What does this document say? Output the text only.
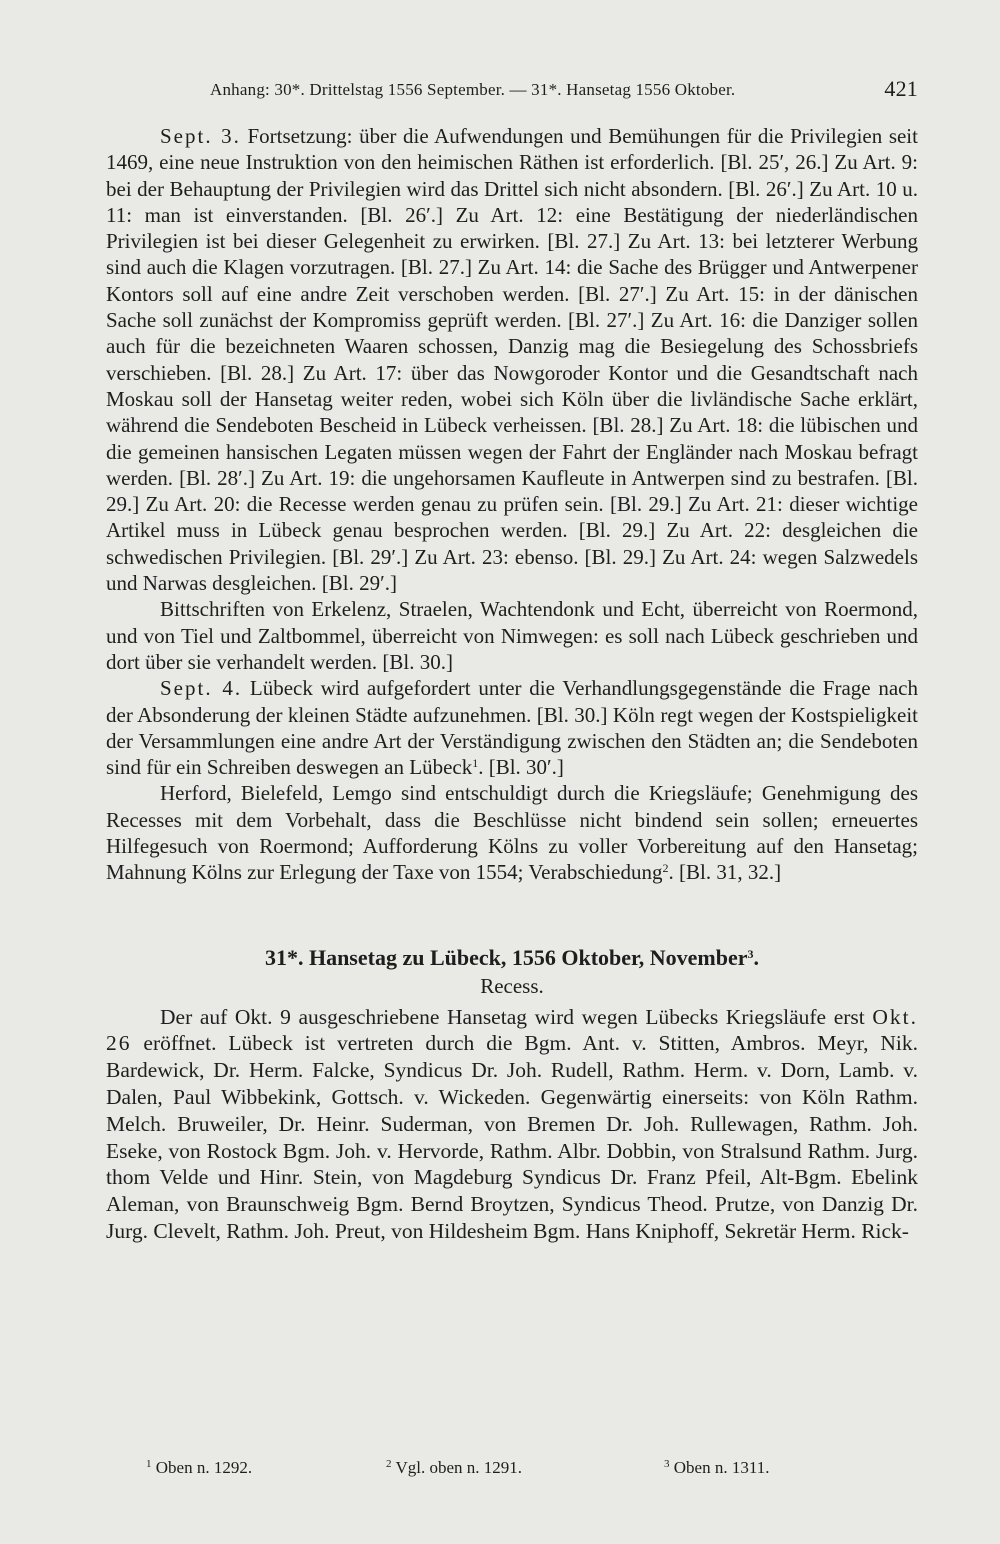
Anhang: 30*. Drittelstag 1556 September. — 31*. Hansetag 1556 Oktober.	421

Sept. 3. Fortsetzung: über die Aufwendungen und Bemühungen für die Privilegien seit 1469, eine neue Instruktion von den heimischen Räthen ist erforderlich. [Bl. 25′, 26.] Zu Art. 9: bei der Behauptung der Privilegien wird das Drittel sich nicht absondern. [Bl. 26′.] Zu Art. 10 u. 11: man ist einverstanden. [Bl. 26′.] Zu Art. 12: eine Bestätigung der niederländischen Privilegien ist bei dieser Gelegenheit zu erwirken. [Bl. 27.] Zu Art. 13: bei letzterer Werbung sind auch die Klagen vorzutragen. [Bl. 27.] Zu Art. 14: die Sache des Brügger und Antwerpener Kontors soll auf eine andre Zeit verschoben werden. [Bl. 27′.] Zu Art. 15: in der dänischen Sache soll zunächst der Kompromiss geprüft werden. [Bl. 27′.] Zu Art. 16: die Danziger sollen auch für die bezeichneten Waaren schossen, Danzig mag die Besiegelung des Schossbriefs verschieben. [Bl. 28.] Zu Art. 17: über das Nowgoroder Kontor und die Gesandtschaft nach Moskau soll der Hansetag weiter reden, wobei sich Köln über die livländische Sache erklärt, während die Sendeboten Bescheid in Lübeck verheissen. [Bl. 28.] Zu Art. 18: die lübischen und die gemeinen hansischen Legaten müssen wegen der Fahrt der Engländer nach Moskau befragt werden. [Bl. 28′.] Zu Art. 19: die ungehorsamen Kaufleute in Antwerpen sind zu bestrafen. [Bl. 29.] Zu Art. 20: die Recesse werden genau zu prüfen sein. [Bl. 29.] Zu Art. 21: dieser wichtige Artikel muss in Lübeck genau besprochen werden. [Bl. 29.] Zu Art. 22: desgleichen die schwedischen Privilegien. [Bl. 29′.] Zu Art. 23: ebenso. [Bl. 29.] Zu Art. 24: wegen Salzwedels und Narwas desgleichen. [Bl. 29′.]

Bittschriften von Erkelenz, Straelen, Wachtendonk und Echt, überreicht von Roermond, und von Tiel und Zaltbommel, überreicht von Nimwegen: es soll nach Lübeck geschrieben und dort über sie verhandelt werden. [Bl. 30.]

Sept. 4. Lübeck wird aufgefordert unter die Verhandlungsgegenstände die Frage nach der Absonderung der kleinen Städte aufzunehmen. [Bl. 30.] Köln regt wegen der Kostspieligkeit der Versammlungen eine andre Art der Verständigung zwischen den Städten an; die Sendeboten sind für ein Schreiben deswegen an Lübeck$^1$. [Bl. 30′.]

Herford, Bielefeld, Lemgo sind entschuldigt durch die Kriegsläufe; Genehmigung des Recesses mit dem Vorbehalt, dass die Beschlüsse nicht bindend sein sollen; erneuertes Hilfegesuch von Roermond; Aufforderung Kölns zu voller Vorbereitung auf den Hansetag; Mahnung Kölns zur Erlegung der Taxe von 1554; Verabschiedung$^2$. [Bl. 31, 32.]

31*. Hansetag zu Lübeck, 1556 Oktober, November$^3$.
Recess.

Der auf Okt. 9 ausgeschriebene Hansetag wird wegen Lübecks Kriegsläufe erst Okt. 26 eröffnet. Lübeck ist vertreten durch die Bgm. Ant. v. Stitten, Ambros. Meyr, Nik. Bardewick, Dr. Herm. Falcke, Syndicus Dr. Joh. Rudell, Rathm. Herm. v. Dorn, Lamb. v. Dalen, Paul Wibbekink, Gottsch. v. Wickeden. Gegenwärtig einerseits: von Köln Rathm. Melch. Bruweiler, Dr. Heinr. Suderman, von Bremen Dr. Joh. Rullewagen, Rathm. Joh. Eseke, von Rostock Bgm. Joh. v. Hervorde, Rathm. Albr. Dobbin, von Stralsund Rathm. Jurg. thom Velde und Hinr. Stein, von Magdeburg Syndicus Dr. Franz Pfeil, Alt-Bgm. Ebelink Aleman, von Braunschweig Bgm. Bernd Broytzen, Syndicus Theod. Prutze, von Danzig Dr. Jurg. Clevelt, Rathm. Joh. Preut, von Hildesheim Bgm. Hans Kniphoff, Sekretär Herm. Rick-

$^1$ Oben n. 1292.	$^2$ Vgl. oben n. 1291.	$^3$ Oben n. 1311.
